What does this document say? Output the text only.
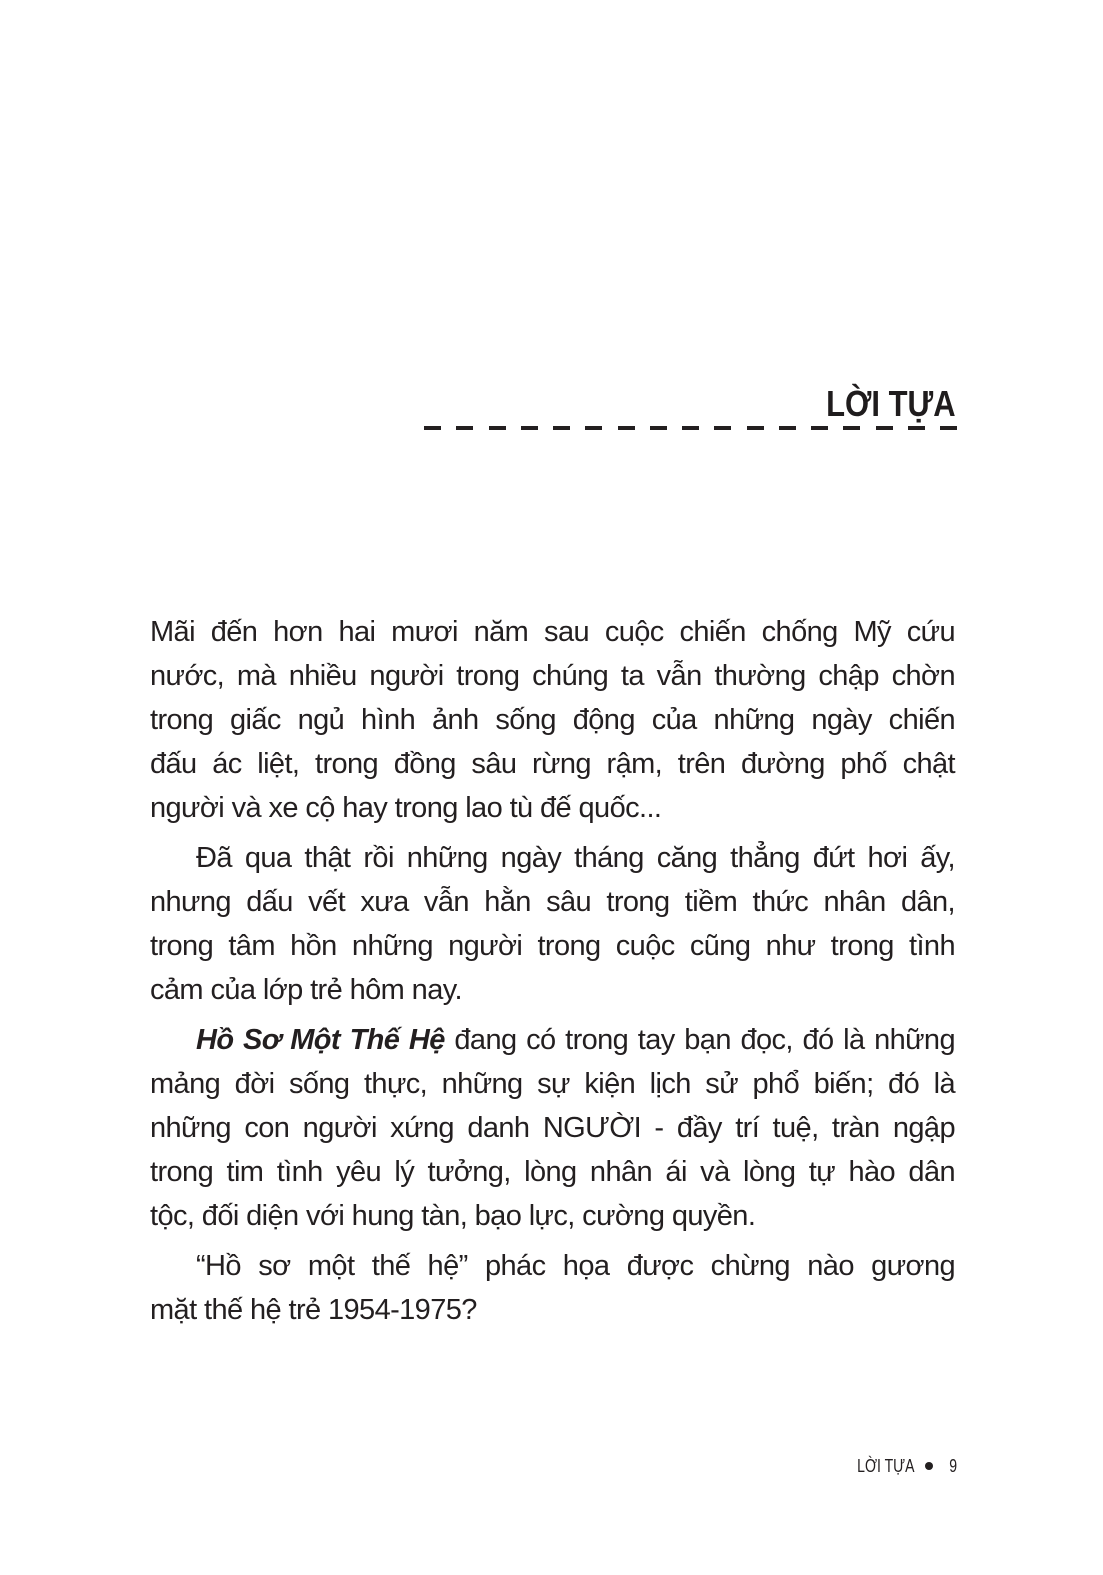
LỜI TỰA
Mãi đến hơn hai mươi năm sau cuộc chiến chống Mỹ cứu
nước, mà nhiều người trong chúng ta vẫn thường chập chờn
trong giấc ngủ hình ảnh sống động của những ngày chiến
đấu ác liệt, trong đồng sâu rừng rậm, trên đường phố chật
người và xe cộ hay trong lao tù đế quốc...
Đã qua thật rồi những ngày tháng căng thẳng đứt hơi ấy,
nhưng dấu vết xưa vẫn hằn sâu trong tiềm thức nhân dân,
trong tâm hồn những người trong cuộc cũng như trong tình
cảm của lớp trẻ hôm nay.
Hồ Sơ Một Thế Hệ đang có trong tay bạn đọc, đó là những
mảng đời sống thực, những sự kiện lịch sử phổ biến; đó là
những con người xứng danh NGƯỜI - đầy trí tuệ, tràn ngập
trong tim tình yêu lý tưởng, lòng nhân ái và lòng tự hào dân
tộc, đối diện với hung tàn, bạo lực, cường quyền.
“Hồ sơ một thế hệ” phác họa được chừng nào gương
mặt thế hệ trẻ 1954-1975?
LỜI TỰA 9
